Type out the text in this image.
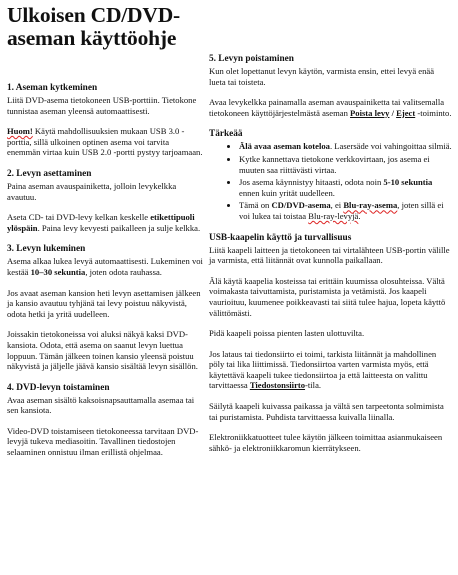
Ulkoisen CD/DVD-aseman käyttöohje
1. Aseman kytkeminen

Liitä DVD-asema tietokoneen USB-porttiin. Tietokone tunnistaa aseman yleensä automaattisesti.

Huom! Käytä mahdollisuuksien mukaan USB 3.0 -porttia, sillä ulkoinen optinen asema voi tarvita enemmän virtaa kuin USB 2.0 -portti pystyy tarjoamaan.

2. Levyn asettaminen

Paina aseman avauspainiketta, jolloin levykelkka avautuu.

Aseta CD- tai DVD-levy kelkan keskelle etikettipuoli ylöspäin. Paina levy kevyesti paikalleen ja sulje kelkka.

3. Levyn lukeminen

Asema alkaa lukea levyä automaattisesti. Lukeminen voi kestää 10–30 sekuntia, joten odota rauhassa.

Jos avaat aseman kansion heti levyn asettamisen jälkeen ja kansio avautuu tyhjänä tai levy poistuu näkyvistä, odota hetki ja yritä uudelleen.

Joissakin tietokoneissa voi aluksi näkyä kaksi DVD-kansiota. Odota, että asema on saanut levyn luettua loppuun. Tämän jälkeen toinen kansio yleensä poistuu näkyvistä ja jäljelle jäävä kansio sisältää levyn sisällön.

4. DVD-levyn toistaminen

Avaa aseman sisältö kaksoisnapsauttamalla asemaa tai sen kansiota.

Video-DVD toistamiseen tietokoneessa tarvitaan DVD-levyjä tukeva mediasoitin. Tavallinen tiedostojen selaaminen onnistuu ilman erillistä ohjelmaa.

5. Levyn poistaminen

Kun olet lopettanut levyn käytön, varmista ensin, ettei levyä enää lueta tai toisteta.

Avaa levykelkka painamalla aseman avauspainiketta tai valitsemalla tietokoneen käyttöjärjestelmästä aseman Poista levy / Eject -toiminto.

Tärkeää
• Älä avaa aseman koteloa. Lasersäde voi vahingoittaa silmiä.
• Kytke kannettava tietokone verkkovirtaan, jos asema ei muuten saa riittävästi virtaa.
• Jos asema käynnistyy hitaasti, odota noin 5-10 sekuntia ennen kuin yrität uudelleen.
• Tämä on CD/DVD-asema, ei Blu-ray-asema, joten sillä ei voi lukea tai toistaa Blu-ray-levyjä.
USB-kaapelin käyttö ja turvallisuus

Liitä kaapeli laitteen ja tietokoneen tai virtalähteen USB-portin välille ja varmista, että liitännät ovat kunnolla paikallaan.

Älä käytä kaapelia kosteissa tai erittäin kuumissa olosuhteissa. Vältä voimakasta taivuttamista, puristamista ja vetämistä. Jos kaapeli vaurioituu, kuumenee poikkeavasti tai siitä tulee hajua, lopeta käyttö välittömästi.

Pidä kaapeli poissa pienten lasten ulottuvilta.

Jos lataus tai tiedonsiirto ei toimi, tarkista liitännät ja mahdollinen pöly tai lika liittimissä. Tiedonsiirtoa varten varmista myös, että käytettävä kaapeli tukee tiedonsiirtoa ja että laitteesta on valittu tarvittaessa Tiedostonsiirto-tila.

Säilytä kaapeli kuivassa paikassa ja vältä sen tarpeetonta solmimista tai puristamista. Puhdista tarvittaessa kuivalla liinalla.

Elektroniikkatuotteet tulee käytön jälkeen toimittaa asianmukaiseen sähkö- ja elektroniikkaromun kierrätykseen.
